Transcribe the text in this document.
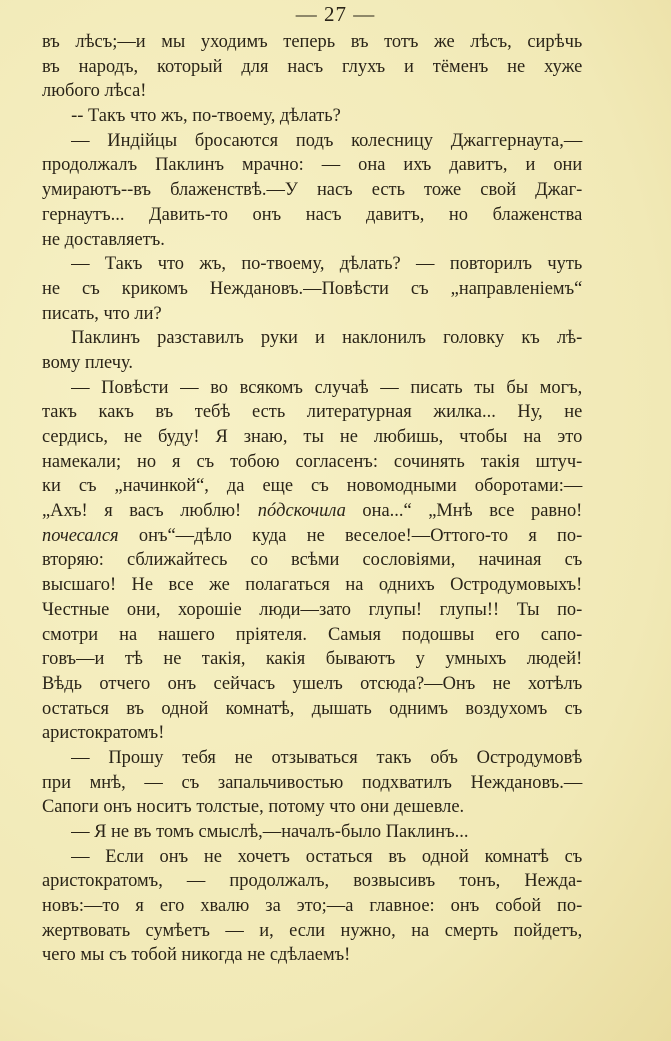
— 27 —
въ лѣсъ;—и мы уходимъ теперь въ тотъ же лѣсъ, сирѣчь
въ народъ, который для насъ глухъ и тёменъ не хуже
любого лѣса!
-- Такъ что жъ, по-твоему, дѣлать?
— Индійцы бросаются подъ колесницу Джаггернаута,—
продолжалъ Паклинъ мрачно: — она ихъ давитъ, и они
умираютъ--въ блаженствѣ.—У насъ есть тоже свой Джаг-
гернаутъ... Давить-то онъ насъ давитъ, но блаженства
не доставляетъ.
— Такъ что жъ, по-твоему, дѣлать? — повторилъ чуть
не съ крикомъ Неждановъ.—Повѣсти съ „направленіемъ“
писать, что ли?
Паклинъ разставилъ руки и наклонилъ головку къ лѣ-
вому плечу.
— Повѣсти — во всякомъ случаѣ — писать ты бы могъ,
такъ какъ въ тебѣ есть литературная жилка... Ну, не
сердись, не буду! Я знаю, ты не любишь, чтобы на это
намекали; но я съ тобою согласенъ: сочинять такія штуч-
ки съ „начинкой“, да еще съ новомодными оборотами:—
„Ахъ! я васъ люблю! пóдскочила она...“ „Мнѣ все равно!
почесался онъ“—дѣло куда не веселое!—Оттого-то я по-
вторяю: сближайтесь со всѣми сословіями, начиная съ
высшаго! Не все же полагаться на однихъ Остродумовыхъ!
Честные они, хорошіе люди—зато глупы! глупы!! Ты по-
смотри на нашего пріятеля. Самыя подошвы его сапо-
говъ—и тѣ не такія, какія бываютъ у умныхъ людей!
Вѣдь отчего онъ сейчасъ ушелъ отсюда?—Онъ не хотѣлъ
остаться въ одной комнатѣ, дышать однимъ воздухомъ съ
аристократомъ!
— Прошу тебя не отзываться такъ объ Остродумовѣ
при мнѣ, — съ запальчивостью подхватилъ Неждановъ.—
Сапоги онъ носитъ толстые, потому что они дешевле.
— Я не въ томъ смыслѣ,—началъ-было Паклинъ...
— Если онъ не хочетъ остаться въ одной комнатѣ съ
аристократомъ, — продолжалъ, возвысивъ тонъ, Нежда-
новъ:—то я его хвалю за это;—а главное: онъ собой по-
жертвовать сумѣетъ — и, если нужно, на смерть пойдетъ,
чего мы съ тобой никогда не сдѣлаемъ!
